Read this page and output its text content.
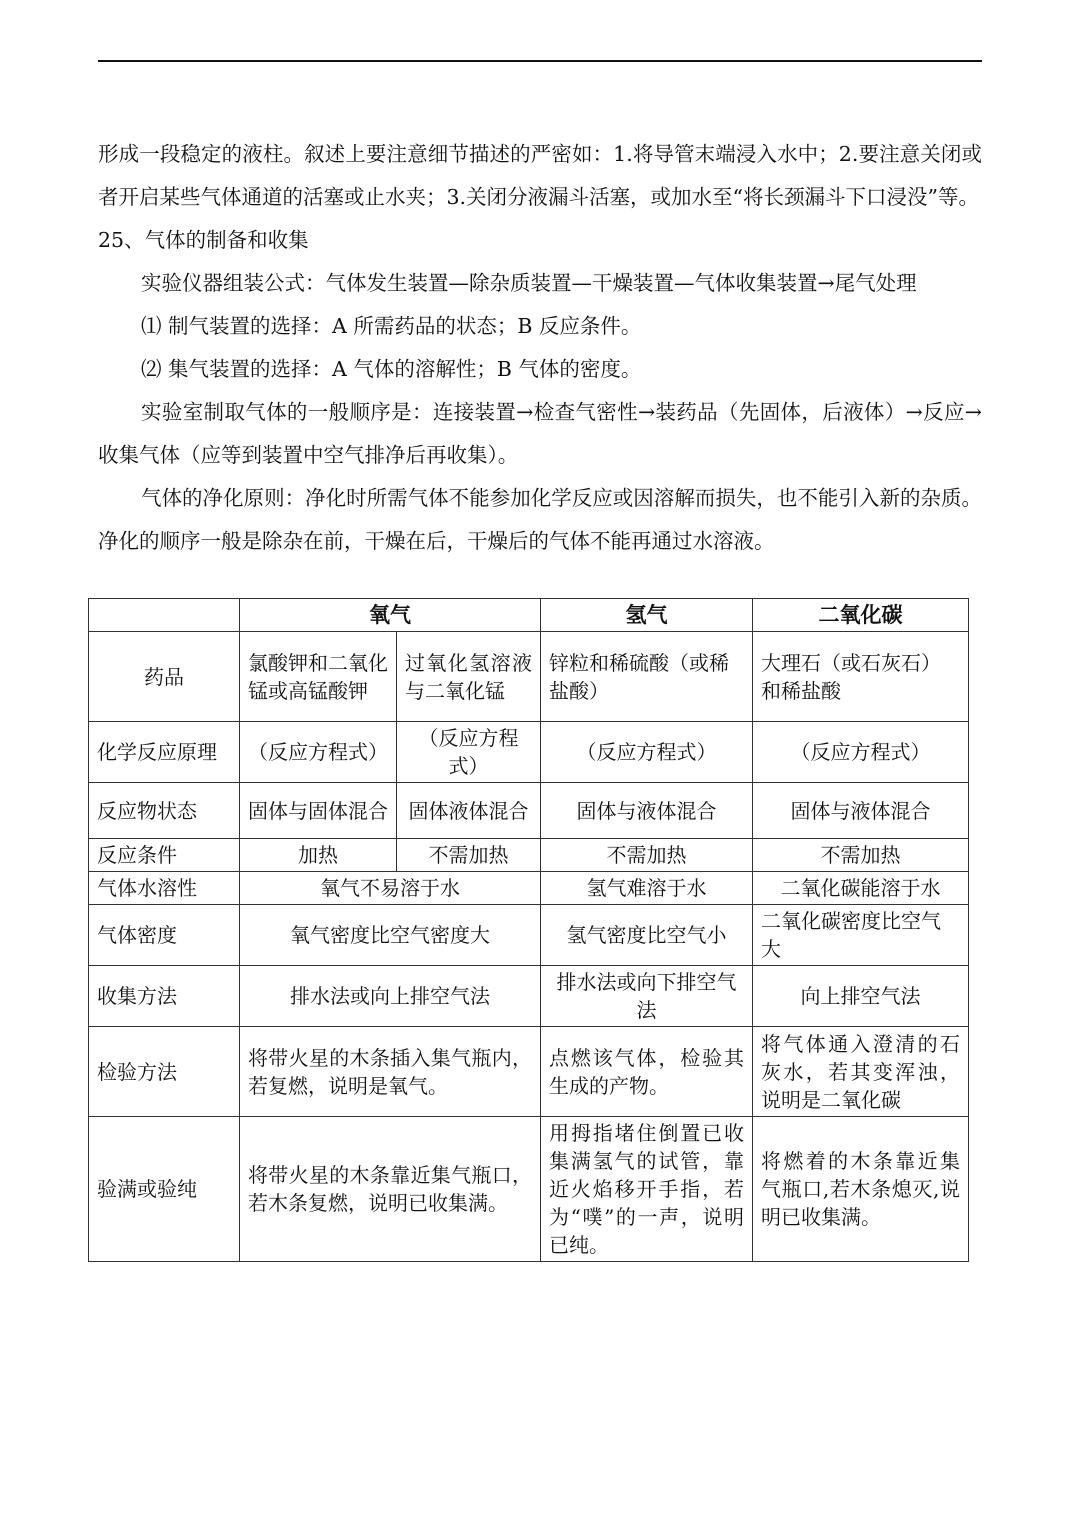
形成一段稳定的液柱。叙述上要注意细节描述的严密如：1.将导管末端浸入水中；2.要注意关闭或者开启某些气体通道的活塞或止水夹；3.关闭分液漏斗活塞，或加水至“将长颈漏斗下口浸没”等。

25、气体的制备和收集

实验仪器组装公式：气体发生装置—除杂质装置—干燥装置—气体收集装置→尾气处理

⑴ 制气装置的选择：A 所需药品的状态；B 反应条件。

⑵ 集气装置的选择：A 气体的溶解性；B 气体的密度。

实验室制取气体的一般顺序是：连接装置→检查气密性→装药品（先固体，后液体）→反应→收集气体（应等到装置中空气排净后再收集）。

气体的净化原则：净化时所需气体不能参加化学反应或因溶解而损失，也不能引入新的杂质。净化的顺序一般是除杂在前，干燥在后，干燥后的气体不能再通过水溶液。

	氧气		氢气	二氧化碳
药品	氯酸钾和二氧化锰或高锰酸钾	过氧化氢溶液与二氧化锰	锌粒和稀硫酸（或稀盐酸）	大理石（或石灰石）和稀盐酸
化学反应原理	（反应方程式）	（反应方程式）	（反应方程式）	（反应方程式）
反应物状态	固体与固体混合	固体液体混合	固体与液体混合	固体与液体混合
反应条件	加热	不需加热	不需加热	不需加热
气体水溶性	氧气不易溶于水		氢气难溶于水	二氧化碳能溶于水
气体密度	氧气密度比空气密度大		氢气密度比空气小	二氧化碳密度比空气大
收集方法	排水法或向上排空气法		排水法或向下排空气法	向上排空气法
检验方法	将带火星的木条插入集气瓶内，若复燃，说明是氧气。		点燃该气体，检验其生成的产物。	将气体通入澄清的石灰水，若其变浑浊，说明是二氧化碳
验满或验纯	将带火星的木条靠近集气瓶口，若木条复燃，说明已收集满。		用拇指堵住倒置已收集满氢气的试管，靠近火焰移开手指，若为“噗”的一声，说明已纯。	将燃着的木条靠近集气瓶口,若木条熄灭,说明已收集满。
